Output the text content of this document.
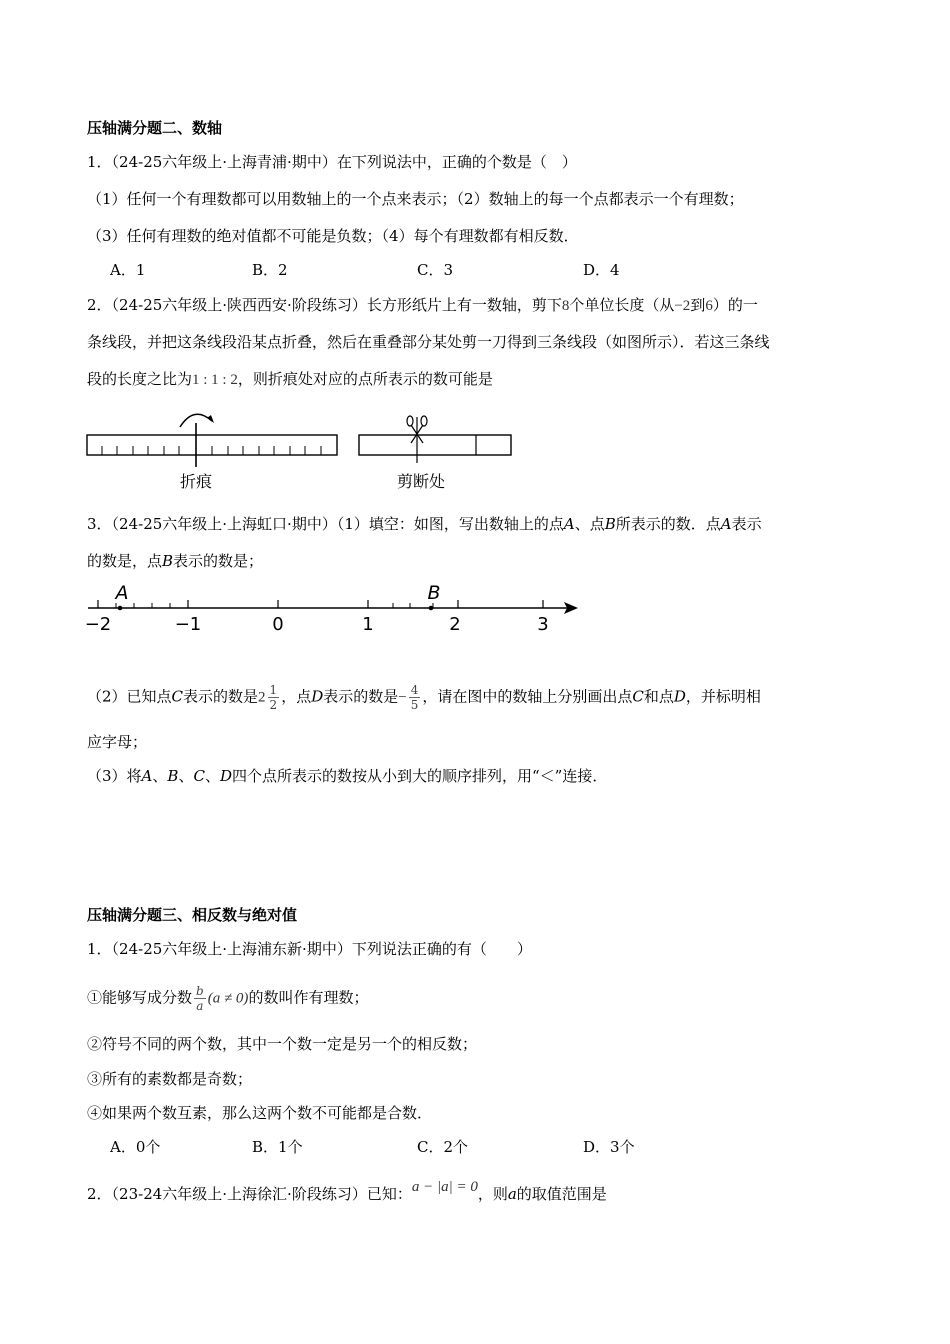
压轴满分题二、数轴
1．（24-25六年级上·上海青浦·期中）在下列说法中，正确的个数是（　）
（1）任何一个有理数都可以用数轴上的一个点来表示；（2）数轴上的每一个点都表示一个有理数；
（3）任何有理数的绝对值都不可能是负数；（4）每个有理数都有相反数．
A．1	B．2	C．3	D．4
2．（24-25六年级上·陕西西安·阶段练习）长方形纸片上有一数轴，剪下8个单位长度（从−2到6）的一
条线段，并把这条线段沿某点折叠，然后在重叠部分某处剪一刀得到三条线段（如图所示）．若这三条线
段的长度之比为1 : 1 : 2，则折痕处对应的点所表示的数可能是
折痕	剪断处
3．（24-25六年级上·上海虹口·期中）（1）填空：如图，写出数轴上的点A、点B所表示的数．点A表示
的数是，点B表示的数是；
A	B
−2	−1	0	1	2	3
（2）已知点C表示的数是$2 \frac{1}{2}$ ，点D表示的数是− $\frac{4}{5}$ ，请在图中的数轴上分别画出点C和点D，并标明相
应字母；
（3）将A、B、C、D四个点所表示的数按从小到大的顺序排列，用“＜”连接．
压轴满分题三、相反数与绝对值
1．（24-25六年级上·上海浦东新·期中）下列说法正确的有（　　）
①能够写成分数 $\frac{b}{a} (a \ne 0)$的数叫作有理数；
②符号不同的两个数，其中一个数一定是另一个的相反数；
③所有的素数都是奇数；
④如果两个数互素，那么这两个数不可能都是合数．
A．0个	B．1个	C．2个	D．3个
2．（23-24六年级上·上海徐汇·阶段练习）已知：a − |a| = 0，则a的取值范围是
